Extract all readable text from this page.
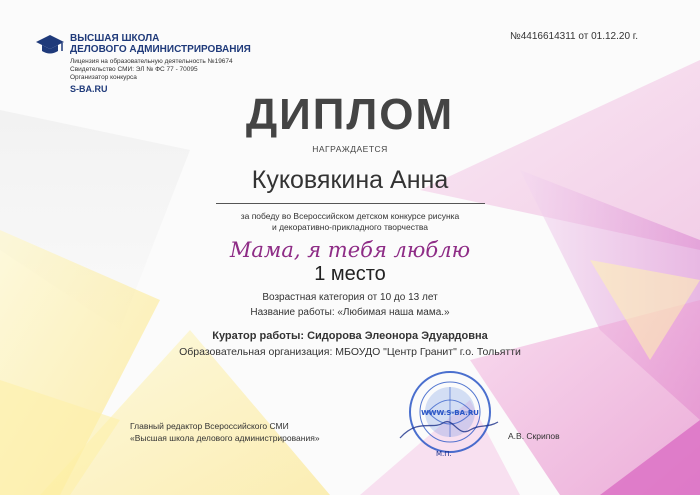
ВЫСШАЯ ШКОЛА
ДЕЛОВОГО АДМИНИСТРИРОВАНИЯ
Лицензия на образовательную деятельность №19674
Свидетельство СМИ: ЭЛ № ФС 77 - 70095
Организатор конкурса
S-BA.RU
№4416614311 от 01.12.20 г.
ДИПЛОМ
НАГРАЖДАЕТСЯ
Куковякина Анна
за победу во Всероссийском детском конкурсе рисунка
и декоративно-прикладного творчества
Мама, я тебя люблю
1 место
Возрастная категория от 10 до 13 лет
Название работы: «Любимая наша мама.»
Куратор работы: Сидорова Элеонора Эдуардовна
Образовательная организация: МБОУДО "Центр Гранит" г.о. Тольятти
Главный редактор Всероссийского СМИ
«Высшая школа делового администрирования»	А.В. Скрипов
WWW.S-BA.RU
М.П.
